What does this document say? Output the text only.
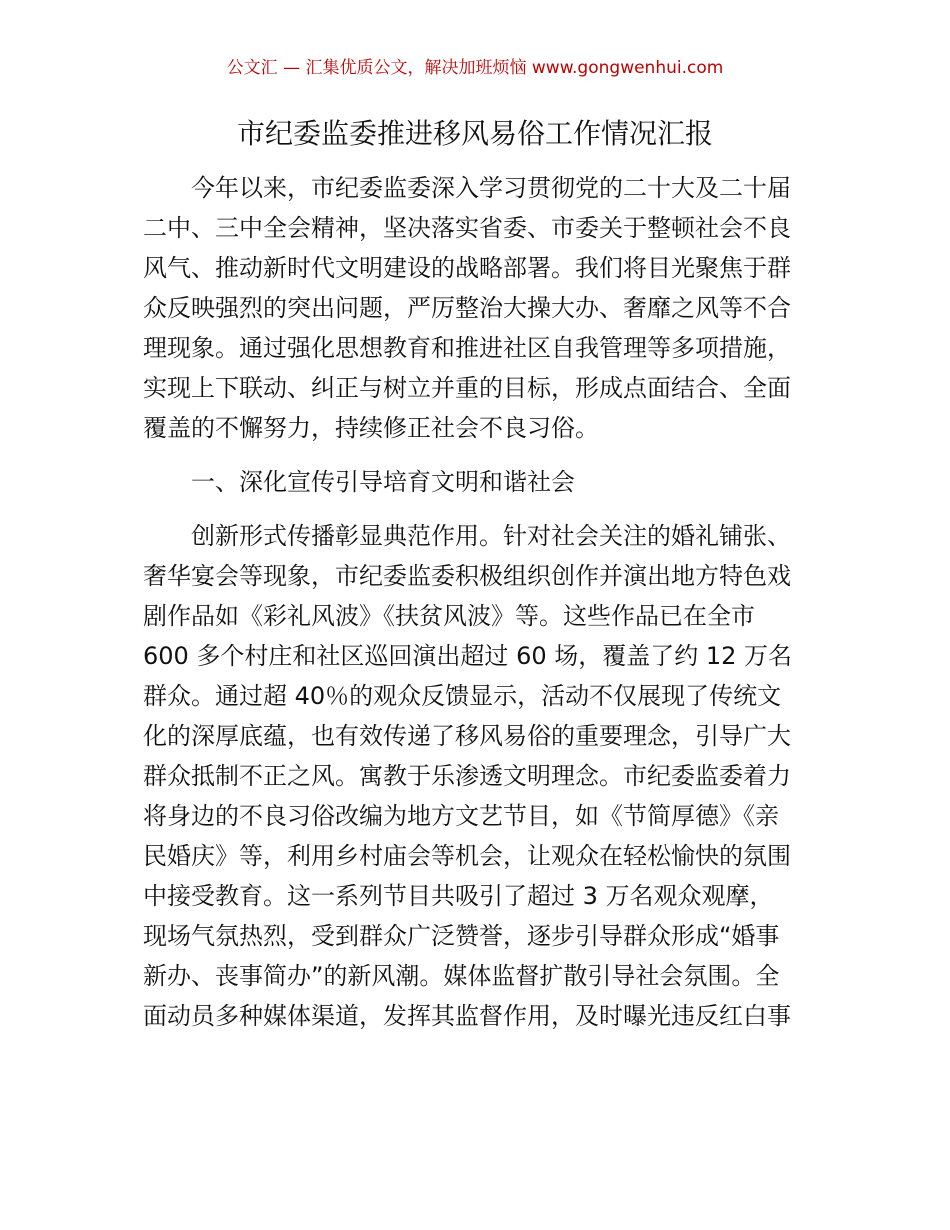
公文汇 — 汇集优质公文，解决加班烦恼 www.gongwenhui.com
市纪委监委推进移风易俗工作情况汇报
　　今年以来，市纪委监委深入学习贯彻党的二十大及二十届
二中、三中全会精神，坚决落实省委、市委关于整顿社会不良
风气、推动新时代文明建设的战略部署。我们将目光聚焦于群
众反映强烈的突出问题，严厉整治大操大办、奢靡之风等不合
理现象。通过强化思想教育和推进社区自我管理等多项措施，
实现上下联动、纠正与树立并重的目标，形成点面结合、全面
覆盖的不懈努力，持续修正社会不良习俗。
　　一、深化宣传引导培育文明和谐社会
　　创新形式传播彰显典范作用。针对社会关注的婚礼铺张、
奢华宴会等现象，市纪委监委积极组织创作并演出地方特色戏
剧作品如《彩礼风波》《扶贫风波》等。这些作品已在全市
600 多个村庄和社区巡回演出超过 60 场，覆盖了约 12 万名
群众。通过超 40％的观众反馈显示，活动不仅展现了传统文
化的深厚底蕴，也有效传递了移风易俗的重要理念，引导广大
群众抵制不正之风。寓教于乐渗透文明理念。市纪委监委着力
将身边的不良习俗改编为地方文艺节目，如《节简厚德》《亲
民婚庆》等，利用乡村庙会等机会，让观众在轻松愉快的氛围
中接受教育。这一系列节目共吸引了超过 3 万名观众观摩，
现场气氛热烈，受到群众广泛赞誉，逐步引导群众形成“婚事
新办、丧事简办”的新风潮。媒体监督扩散引导社会氛围。全
面动员多种媒体渠道，发挥其监督作用，及时曝光违反红白事
